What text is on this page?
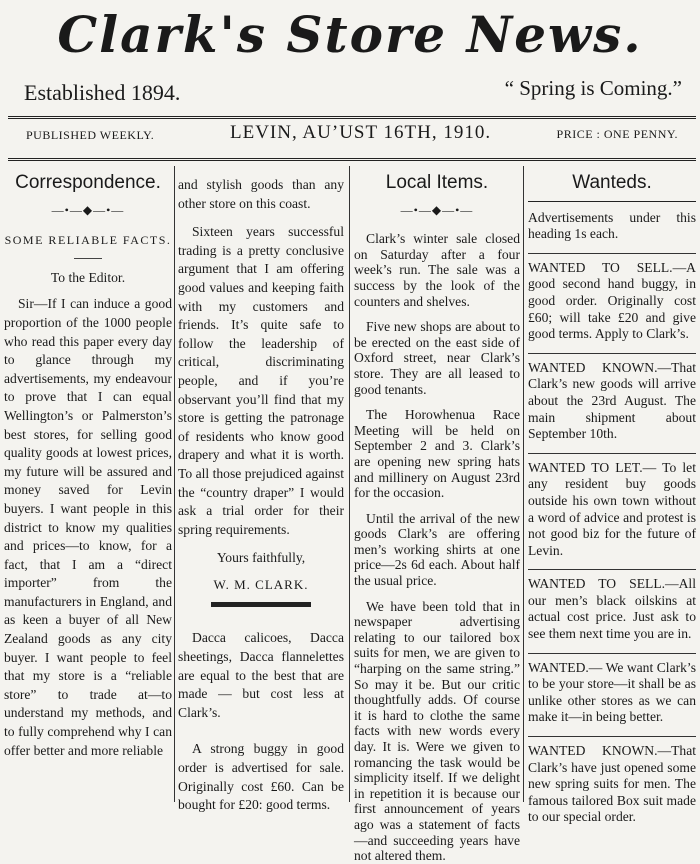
Clark's Store News.
Established 1894.	“ Spring is Coming.”
PUBLISHED WEEKLY.	LEVIN, AU’UST 16TH, 1910.	PRICE : ONE PENNY.
Correspondence.
—•—◆—•—
SOME RELIABLE FACTS.
To the Editor.

Sir—If I can induce a good proportion of the 1000 people who read this paper every day to glance through my advertisements, my endeavour to prove that I can equal Wellington’s or Palmerston’s best stores, for selling good quality goods at lowest prices, my future will be assured and money saved for Levin buyers. I want people in this district to know my qualities and prices—to know, for a fact, that I am a “direct importer” from the manufacturers in England, and as keen a buyer of all New Zealand goods as any city buyer. I want people to feel that my store is a “reliable store” to trade at—to understand my methods, and to fully comprehend why I can offer better and more reliable

and stylish goods than any other store on this coast.

Sixteen years successful trading is a pretty conclusive argument that I am offering good values and keeping faith with my customers and friends. It’s quite safe to follow the leadership of critical, discriminating people, and if you’re observant you’ll find that my store is getting the patronage of residents who know good drapery and what it is worth. To all those prejudiced against the “country draper” I would ask a trial order for their spring requirements.

Yours faithfully,
W. M. CLARK.

Dacca calicoes, Dacca sheetings, Dacca flannelettes are equal to the best that are made — but cost less at Clark’s.

A strong buggy in good order is advertised for sale. Originally cost £60. Can be bought for £20: good terms.

Local Items.
—•—◆—•—

Clark’s winter sale closed on Saturday after a four week’s run. The sale was a success by the look of the counters and shelves.

Five new shops are about to be erected on the east side of Oxford street, near Clark’s store. They are all leased to good tenants.

The Horowhenua Race Meeting will be held on September 2 and 3. Clark’s are opening new spring hats and millinery on August 23rd for the occasion.

Until the arrival of the new goods Clark’s are offering men’s working shirts at one price—2s 6d each. About half the usual price.

We have been told that in newspaper advertising relating to our tailored box suits for men, we are given to “harping on the same string.” So may it be. But our critic thoughtfully adds. Of course it is hard to clothe the same facts with new words every day. It is. Were we given to romancing the task would be simplicity itself. If we delight in repetition it is because our first announcement of years ago was a statement of facts—and succeeding years have not altered them.

Wanteds.

Advertisements under this heading 1s each.

WANTED TO SELL.—A good second hand buggy, in good order. Originally cost £60; will take £20 and give good terms. Apply to Clark’s.
WANTED KNOWN.—That Clark’s new goods will arrive about the 23rd August. The main shipment about September 10th.
WANTED TO LET.— To let any resident buy goods outside his own town without a word of advice and protest is not good biz for the future of Levin.
WANTED TO SELL.—All our men’s black oilskins at actual cost price. Just ask to see them next time you are in.
WANTED.— We want Clark’s to be your store—it shall be as unlike other stores as we can make it—in being better.
WANTED KNOWN.—That Clark’s have just opened some new spring suits for men. The famous tailored Box suit made to our special order.
